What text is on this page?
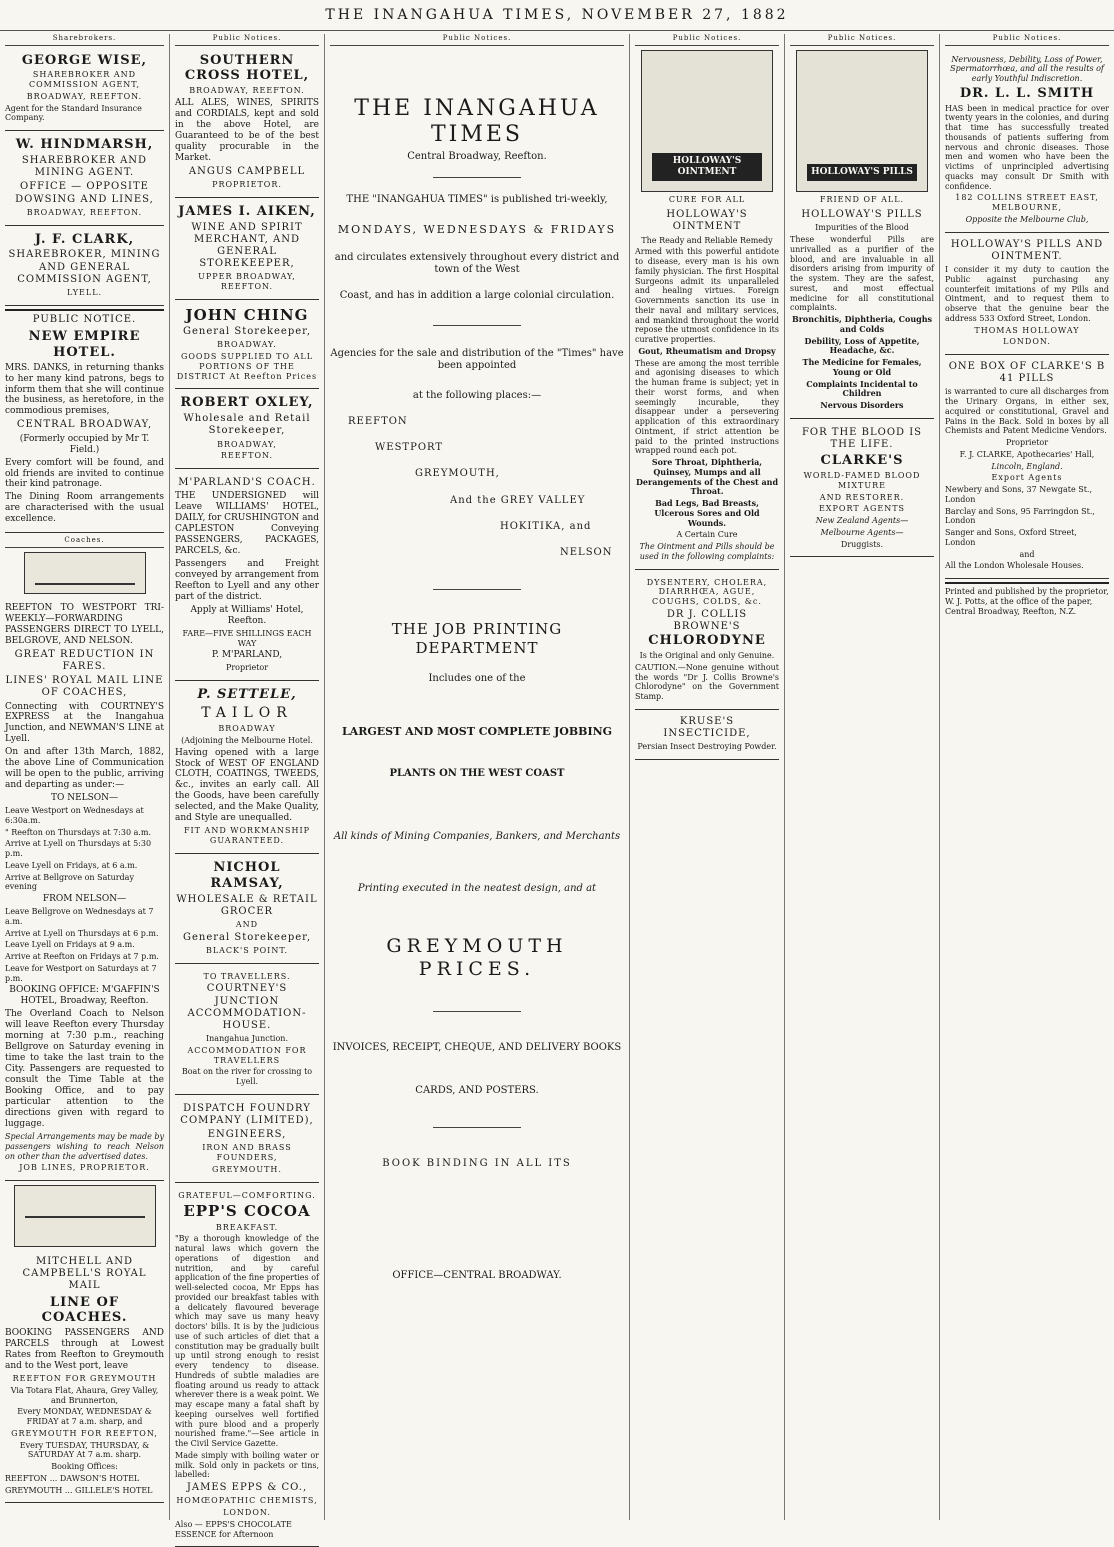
THE INANGAHUA TIMES, NOVEMBER 27, 1882
Sharebrokers.
GEORGE WISE,

SHAREBROKER AND COMMISSION AGENT,

BROADWAY, REEFTON.

Agent for the Standard Insurance Company.

W. HINDMARSH,

SHAREBROKER AND MINING AGENT.

OFFICE — OPPOSITE DOWSING AND LINES,

BROADWAY, REEFTON.

J. F. CLARK,

SHAREBROKER, MINING AND GENERAL COMMISSION AGENT,

LYELL.

PUBLIC NOTICE.
NEW EMPIRE HOTEL.

MRS. DANKS, in returning thanks to her many kind patrons, begs to inform them that she will continue the business, as heretofore, in the commodious premises,

CENTRAL BROADWAY,

(Formerly occupied by Mr T. Field.)

Every comfort will be found, and old friends are invited to continue their kind patronage.

The Dining Room arrangements are characterised with the usual excellence.

Coaches.

REEFTON TO WESTPORT TRI-WEEKLY—FORWARDING PASSENGERS DIRECT TO LYELL, BELGROVE, AND NELSON.

GREAT REDUCTION IN FARES.

LINES' ROYAL MAIL LINE OF COACHES,

Connecting with COURTNEY'S EXPRESS at the Inangahua Junction, and NEWMAN'S LINE at Lyell.

On and after 13th March, 1882, the above Line of Communication will be open to the public, arriving and departing as under:—

TO NELSON—

Leave Westport on Wednesdays at 6:30a.m.

" Reefton on Thursdays at 7:30 a.m.

Arrive at Lyell on Thursdays at 5:30 p.m.

Leave Lyell on Fridays, at 6 a.m.

Arrive at Bellgrove on Saturday evening

FROM NELSON—

Leave Bellgrove on Wednesdays at 7 a.m.

Arrive at Lyell on Thursdays at 6 p.m.

Leave Lyell on Fridays at 9 a.m.

Arrive at Reefton on Fridays at 7 p.m.

Leave for Westport on Saturdays at 7 p.m.

BOOKING OFFICE: M'GAFFIN'S HOTEL, Broadway, Reefton.

The Overland Coach to Nelson will leave Reefton every Thursday morning at 7:30 p.m., reaching Bellgrove on Saturday evening in time to take the last train to the City. Passengers are requested to consult the Time Table at the Booking Office, and to pay particular attention to the directions given with regard to luggage.

Special Arrangements may be made by passengers wishing to reach Nelson on other than the advertised dates.

JOB LINES, PROPRIETOR.

MITCHELL AND CAMPBELL'S ROYAL MAIL

LINE OF COACHES.

BOOKING PASSENGERS AND PARCELS through at Lowest Rates from Reefton to Greymouth and to the West port, leave

REEFTON FOR GREYMOUTH

Via Totara Flat, Ahaura, Grey Valley, and Brunnerton,

Every MONDAY, WEDNESDAY & FRIDAY at 7 a.m. sharp, and

GREYMOUTH FOR REEFTON,

Every TUESDAY, THURSDAY, & SATURDAY At 7 a.m. sharp.

Booking Offices:

REEFTON ... DAWSON'S HOTEL

GREYMOUTH ... GILLELE'S HOTEL

Public Notices.
SOUTHERN CROSS HOTEL,

BROADWAY, REEFTON.

ALL ALES, WINES, SPIRITS and CORDIALS, kept and sold in the above Hotel, are Guaranteed to be of the best quality procurable in the Market.

ANGUS CAMPBELL

PROPRIETOR.

JAMES I. AIKEN,

WINE AND SPIRIT MERCHANT, AND GENERAL STOREKEEPER,

UPPER BROADWAY, REEFTON.

JOHN CHING

General Storekeeper,

BROADWAY.

GOODS SUPPLIED TO ALL PORTIONS OF THE DISTRICT At Reefton Prices

ROBERT OXLEY,

Wholesale and Retail Storekeeper,

BROADWAY,

REEFTON.

M'PARLAND'S COACH.

THE UNDERSIGNED will Leave WILLIAMS' HOTEL, DAILY, for CRUSHINGTON and CAPLESTON Conveying PASSENGERS, PACKAGES, PARCELS, &c.

Passengers and Freight conveyed by arrangement from Reefton to Lyell and any other part of the district.

Apply at Williams' Hotel, Reefton.

FARE—FIVE SHILLINGS EACH WAY

P. M'PARLAND,

Proprietor

P. SETTELE,

TAILOR

BROADWAY

(Adjoining the Melbourne Hotel.

Having opened with a large Stock of WEST OF ENGLAND CLOTH, COATINGS, TWEEDS, &c., invites an early call. All the Goods, have been carefully selected, and the Make Quality, and Style are unequalled.

FIT AND WORKMANSHIP GUARANTEED.

NICHOL RAMSAY,

WHOLESALE & RETAIL GROCER

AND

General Storekeeper,

BLACK'S POINT.

TO TRAVELLERS.

COURTNEY'S JUNCTION ACCOMMODATION-HOUSE.

Inangahua Junction.

ACCOMMODATION FOR TRAVELLERS

Boat on the river for crossing to Lyell.

DISPATCH FOUNDRY COMPANY (LIMITED),

ENGINEERS,

IRON AND BRASS FOUNDERS,

GREYMOUTH.

GRATEFUL—COMFORTING.

EPP'S COCOA

BREAKFAST.

"By a thorough knowledge of the natural laws which govern the operations of digestion and nutrition, and by careful application of the fine properties of well-selected cocoa, Mr Epps has provided our breakfast tables with a delicately flavoured beverage which may save us many heavy doctors' bills. It is by the judicious use of such articles of diet that a constitution may be gradually built up until strong enough to resist every tendency to disease. Hundreds of subtle maladies are floating around us ready to attack wherever there is a weak point. We may escape many a fatal shaft by keeping ourselves well fortified with pure blood and a properly nourished frame."—See article in the Civil Service Gazette.

Made simply with boiling water or milk. Sold only in packets or tins, labelled:

JAMES EPPS & CO.,

HOMŒOPATHIC CHEMISTS,

LONDON.

Also — EPPS'S CHOCOLATE ESSENCE for Afternoon

Public Notices.
THE INANGAHUA TIMES

Central Broadway, Reefton.

THE "INANGAHUA TIMES" is published tri-weekly,

MONDAYS, WEDNESDAYS & FRIDAYS

and circulates extensively throughout every district and town of the West

Coast, and has in addition a large colonial circulation.

Agencies for the sale and distribution of the "Times" have been appointed

at the following places:—

REEFTON

WESTPORT

GREYMOUTH,

And the GREY VALLEY

HOKITIKA, and

NELSON

THE JOB PRINTING DEPARTMENT

Includes one of the

LARGEST AND MOST COMPLETE JOBBING

PLANTS ON THE WEST COAST

All kinds of Mining Companies, Bankers, and Merchants

Printing executed in the neatest design, and at

GREYMOUTH PRICES.

INVOICES, RECEIPT, CHEQUE, AND DELIVERY BOOKS

CARDS, AND POSTERS.

BOOK BINDING IN ALL ITS

OFFICE—CENTRAL BROADWAY.

Public Notices.
HOLLOWAY'S OINTMENT

CURE FOR ALL

HOLLOWAY'S OINTMENT

The Ready and Reliable Remedy

Armed with this powerful antidote to disease, every man is his own family physician. The first Hospital Surgeons admit its unparalleled and healing virtues. Foreign Governments sanction its use in their naval and military services, and mankind throughout the world repose the utmost confidence in its curative properties.

Gout, Rheumatism and Dropsy

These are among the most terrible and agonising diseases to which the human frame is subject; yet in their worst forms, and when seemingly incurable, they disappear under a persevering application of this extraordinary Ointment, if strict attention be paid to the printed instructions wrapped round each pot.

Sore Throat, Diphtheria, Quinsey, Mumps and all Derangements of the Chest and Throat.

Bad Legs, Bad Breasts, Ulcerous Sores and Old Wounds.

A Certain Cure

The Ointment and Pills should be used in the following complaints:

DYSENTERY, CHOLERA, DIARRHŒA, AGUE, COUGHS, COLDS, &c.

DR J. COLLIS BROWNE'S
CHLORODYNE

Is the Original and only Genuine.

CAUTION.—None genuine without the words "Dr J. Collis Browne's Chlorodyne" on the Government Stamp.

KRUSE'S INSECTICIDE,

Persian Insect Destroying Powder.

Public Notices.
HOLLOWAY'S PILLS

FRIEND OF ALL.

HOLLOWAY'S PILLS

Impurities of the Blood

These wonderful Pills are unrivalled as a purifier of the blood, and are invaluable in all disorders arising from impurity of the system. They are the safest, surest, and most effectual medicine for all constitutional complaints.

Bronchitis, Diphtheria, Coughs and Colds

Debility, Loss of Appetite, Headache, &c.

The Medicine for Females, Young or Old

Complaints Incidental to Children

Nervous Disorders

FOR THE BLOOD IS THE LIFE.

CLARKE'S

WORLD-FAMED BLOOD MIXTURE

AND RESTORER.

EXPORT AGENTS

New Zealand Agents—

Melbourne Agents—

Druggists.

Public Notices.

Nervousness, Debility, Loss of Power, Spermatorrhœa, and all the results of early Youthful Indiscretion.

DR. L. L. SMITH

HAS been in medical practice for over twenty years in the colonies, and during that time has successfully treated thousands of patients suffering from nervous and chronic diseases. Those men and women who have been the victims of unprincipled advertising quacks may consult Dr Smith with confidence.

182 COLLINS STREET EAST, MELBOURNE,

Opposite the Melbourne Club,

HOLLOWAY'S PILLS AND OINTMENT.

I consider it my duty to caution the Public against purchasing any counterfeit imitations of my Pills and Ointment, and to request them to observe that the genuine bear the address 533 Oxford Street, London.

THOMAS HOLLOWAY

LONDON.

ONE BOX OF CLARKE'S B 41 PILLS

is warranted to cure all discharges from the Urinary Organs, in either sex, acquired or constitutional, Gravel and Pains in the Back. Sold in boxes by all Chemists and Patent Medicine Vendors.

Proprietor

F. J. CLARKE, Apothecaries' Hall,

Lincoln, England.

Export Agents

Newbery and Sons, 37 Newgate St., London

Barclay and Sons, 95 Farringdon St., London

Sanger and Sons, Oxford Street, London

and

All the London Wholesale Houses.

Printed and published by the proprietor, W. J. Potts, at the office of the paper, Central Broadway, Reefton, N.Z.
